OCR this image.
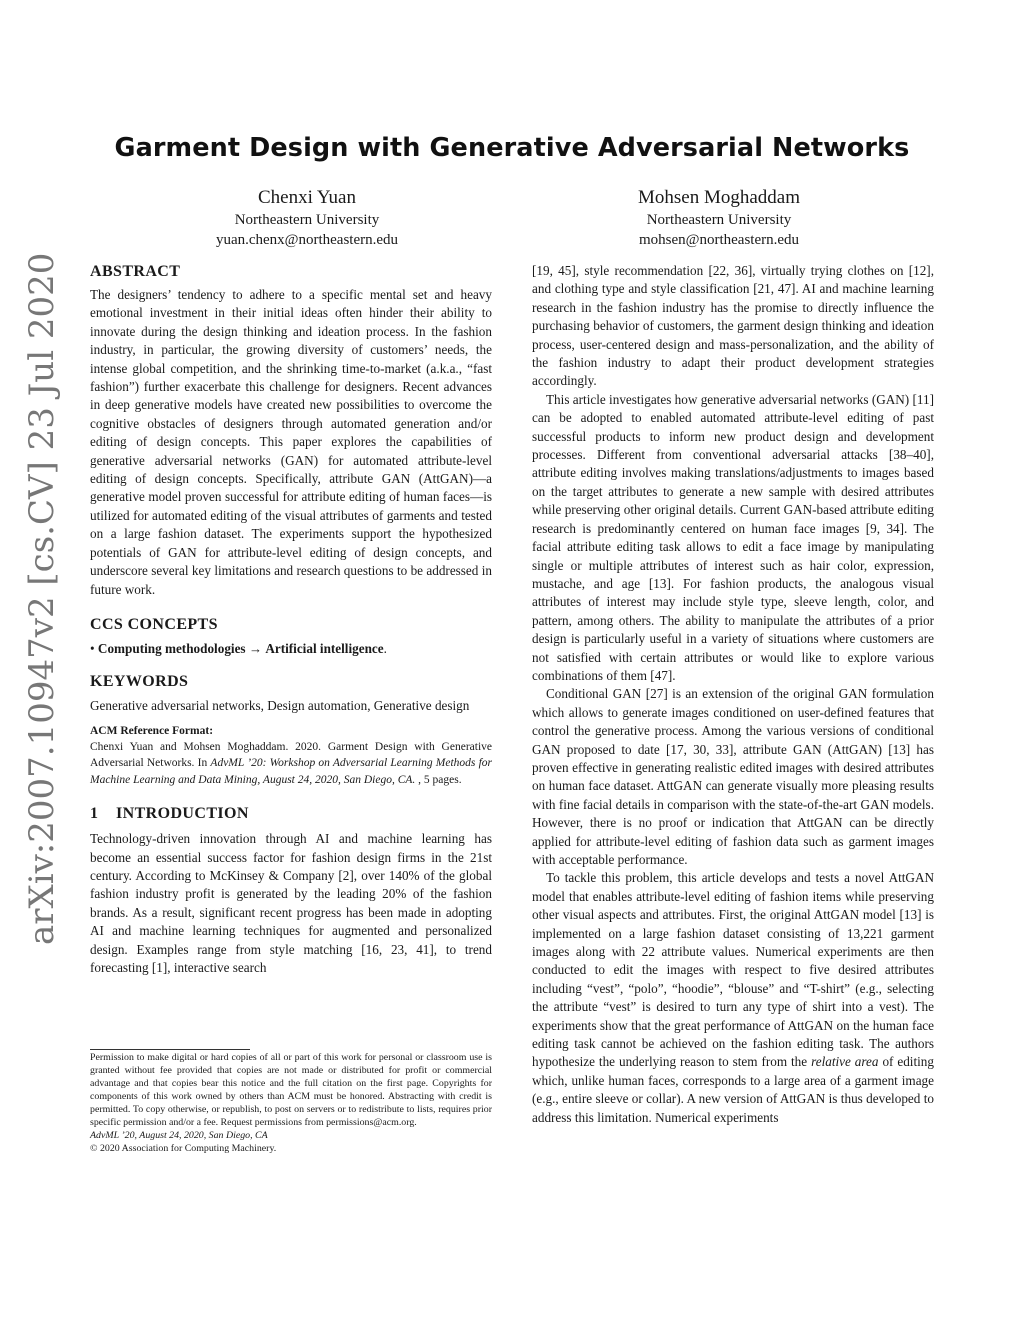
arXiv:2007.10947v2 [cs.CV] 23 Jul 2020
Garment Design with Generative Adversarial Networks
Chenxi Yuan
Northeastern University
yuan.chenx@northeastern.edu
Mohsen Moghaddam
Northeastern University
mohsen@northeastern.edu
ABSTRACT

The designers’ tendency to adhere to a specific mental set and heavy emotional investment in their initial ideas often hinder their ability to innovate during the design thinking and ideation process. In the fashion industry, in particular, the growing diversity of customers’ needs, the intense global competition, and the shrinking time-to-market (a.k.a., “fast fashion”) further exacerbate this challenge for designers. Recent advances in deep generative models have created new possibilities to overcome the cognitive obstacles of designers through automated generation and/or editing of design concepts. This paper explores the capabilities of generative adversarial networks (GAN) for automated attribute-level editing of design concepts. Specifically, attribute GAN (AttGAN)—a generative model proven successful for attribute editing of human faces—is utilized for automated editing of the visual attributes of garments and tested on a large fashion dataset. The experiments support the hypothesized potentials of GAN for attribute-level editing of design concepts, and underscore several key limitations and research questions to be addressed in future work.

CCS CONCEPTS

• Computing methodologies → Artificial intelligence.

KEYWORDS

Generative adversarial networks, Design automation, Generative design

ACM Reference Format:

Chenxi Yuan and Mohsen Moghaddam. 2020. Garment Design with Generative Adversarial Networks. In AdvML ’20: Workshop on Adversarial Learning Methods for Machine Learning and Data Mining, August 24, 2020, San Diego, CA. , 5 pages.

1 INTRODUCTION

Technology-driven innovation through AI and machine learning has become an essential success factor for fashion design firms in the 21st century. According to McKinsey & Company [2], over 140% of the global fashion industry profit is generated by the leading 20% of the fashion brands. As a result, significant recent progress has been made in adopting AI and machine learning techniques for augmented and personalized design. Examples range from style matching [16, 23, 41], to trend forecasting [1], interactive search

Permission to make digital or hard copies of all or part of this work for personal or classroom use is granted without fee provided that copies are not made or distributed for profit or commercial advantage and that copies bear this notice and the full citation on the first page. Copyrights for components of this work owned by others than ACM must be honored. Abstracting with credit is permitted. To copy otherwise, or republish, to post on servers or to redistribute to lists, requires prior specific permission and/or a fee. Request permissions from permissions@acm.org.

AdvML ’20, August 24, 2020, San Diego, CA

© 2020 Association for Computing Machinery.

[19, 45], style recommendation [22, 36], virtually trying clothes on [12], and clothing type and style classification [21, 47]. AI and machine learning research in the fashion industry has the promise to directly influence the purchasing behavior of customers, the garment design thinking and ideation process, user-centered design and mass-personalization, and the ability of the fashion industry to adapt their product development strategies accordingly.

This article investigates how generative adversarial networks (GAN) [11] can be adopted to enabled automated attribute-level editing of past successful products to inform new product design and development processes. Different from conventional adversarial attacks [38–40], attribute editing involves making translations/adjustments to images based on the target attributes to generate a new sample with desired attributes while preserving other original details. Current GAN-based attribute editing research is predominantly centered on human face images [9, 34]. The facial attribute editing task allows to edit a face image by manipulating single or multiple attributes of interest such as hair color, expression, mustache, and age [13]. For fashion products, the analogous visual attributes of interest may include style type, sleeve length, color, and pattern, among others. The ability to manipulate the attributes of a prior design is particularly useful in a variety of situations where customers are not satisfied with certain attributes or would like to explore various combinations of them [47].

Conditional GAN [27] is an extension of the original GAN formulation which allows to generate images conditioned on user-defined features that control the generative process. Among the various versions of conditional GAN proposed to date [17, 30, 33], attribute GAN (AttGAN) [13] has proven effective in generating realistic edited images with desired attributes on human face dataset. AttGAN can generate visually more pleasing results with fine facial details in comparison with the state-of-the-art GAN models. However, there is no proof or indication that AttGAN can be directly applied for attribute-level editing of fashion data such as garment images with acceptable performance.

To tackle this problem, this article develops and tests a novel AttGAN model that enables attribute-level editing of fashion items while preserving other visual aspects and attributes. First, the original AttGAN model [13] is implemented on a large fashion dataset consisting of 13,221 garment images along with 22 attribute values. Numerical experiments are then conducted to edit the images with respect to five desired attributes including “vest”, “polo”, “hoodie”, “blouse” and “T-shirt” (e.g., selecting the attribute “vest” is desired to turn any type of shirt into a vest). The experiments show that the great performance of AttGAN on the human face editing task cannot be achieved on the fashion editing task. The authors hypothesize the underlying reason to stem from the relative area of editing which, unlike human faces, corresponds to a large area of a garment image (e.g., entire sleeve or collar). A new version of AttGAN is thus developed to address this limitation. Numerical experiments
